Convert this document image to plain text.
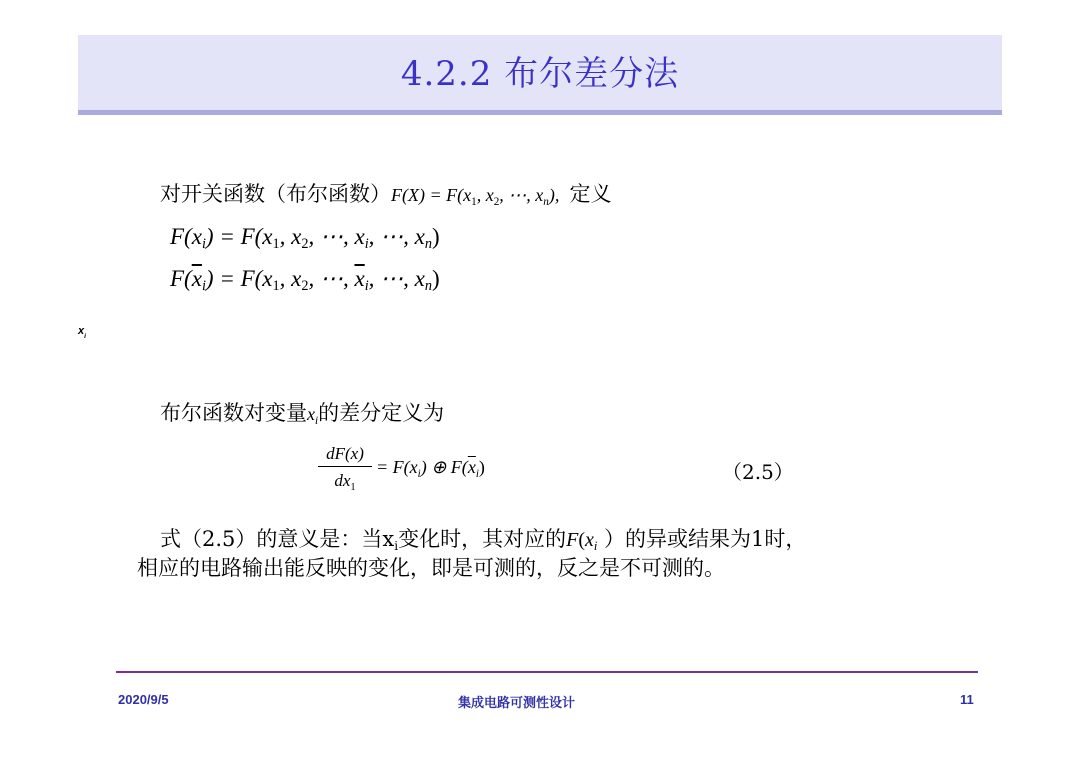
4.2.2 布尔差分法
对开关函数（布尔函数）$F(X) = F(x_1$, $x_2$, ⋯, $x_n$), 定义
$F(x_i) = F(x_1$, $x_2$, ⋯, $x_i$, ⋯, $x_n$)
$F(\overline{x}_i) = F(x_1$, $x_2$, ⋯, $\overline{x}_i$, ⋯, $x_n$)
$x_i$
布尔函数对变量$x_i$的差分定义为
$\frac{dF(x)}{dx_1} = F(x_i)$ ⊕ $F(\overline{x}_i)$	（2.5）
式（2.5）的意义是：当$x_i$变化时，其对应的$F(x_i$ ）的异或结果为1时，
相应的电路输出能反映的变化，即是可测的，反之是不可测的。
2020/9/5	集成电路可测性设计	11
